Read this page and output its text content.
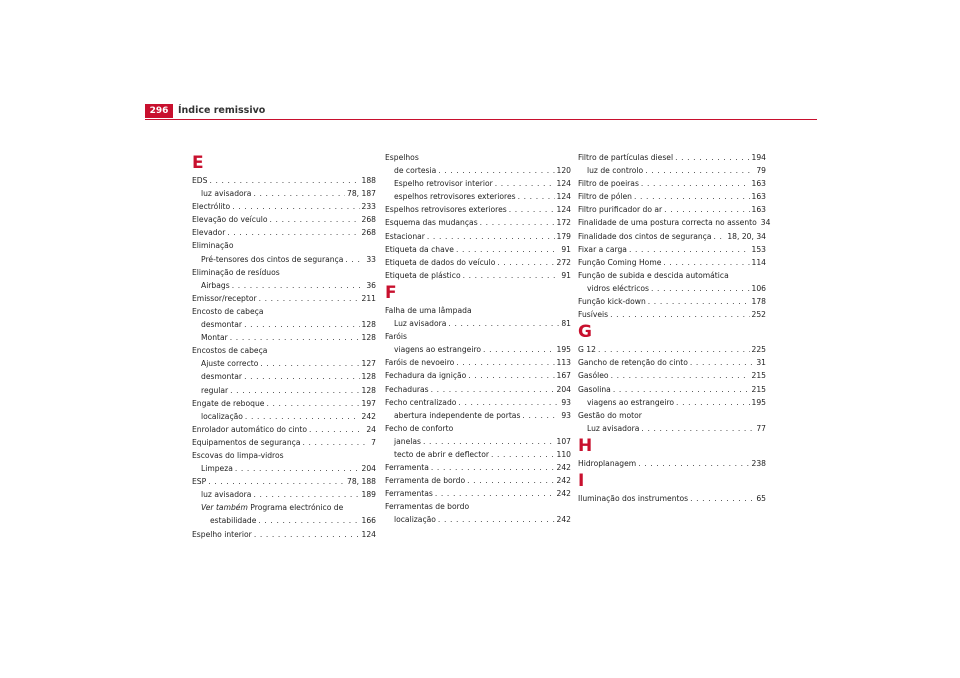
296	Índice remissivo
E
EDS . . .	188
luz avisadora . . .	78, 187
Electrólito . . .	233
Elevação do veículo . . .	268
Elevador . . .	268
Eliminação
Pré-tensores dos cintos de segurança . . .	33
Eliminação de resíduos
Airbags . . .	36
Emissor/receptor . . .	211
Encosto de cabeça
desmontar . . .	128
Montar . . .	128
Encostos de cabeça
Ajuste correcto . . .	127
desmontar . . .	128
regular . . .	128
Engate de reboque . . .	197
localização . . .	242
Enrolador automático do cinto . . .	24
Equipamentos de segurança . . .	7
Escovas do limpa-vidros
Limpeza . . .	204
ESP . . .	78, 188
luz avisadora . . .	189
Ver também Programa electrónico de
estabilidade . . .	166
Espelho interior . . .	124
Espelhos
de cortesia . . .	120
Espelho retrovisor interior . . .	124
espelhos retrovisores exteriores . . .	124
Espelhos retrovisores exteriores . . .	124
Esquema das mudanças . . .	172
Estacionar . . .	179
Etiqueta da chave . . .	91
Etiqueta de dados do veículo . . .	272
Etiqueta de plástico . . .	91
F
Falha de uma lâmpada
Luz avisadora . . .	81
Faróis
viagens ao estrangeiro . . .	195
Faróis de nevoeiro . . .	113
Fechadura da ignição . . .	167
Fechaduras . . .	204
Fecho centralizado . . .	93
abertura independente de portas . . .	93
Fecho de conforto
janelas . . .	107
tecto de abrir e deflector . . .	110
Ferramenta . . .	242
Ferramenta de bordo . . .	242
Ferramentas . . .	242
Ferramentas de bordo
localização . . .	242
Filtro de partículas diesel . . .	194
luz de controlo . . .	79
Filtro de poeiras . . .	163
Filtro de pólen . . .	163
Filtro purificador do ar . . .	163
Finalidade de uma postura correcta no assento 34
Finalidade dos cintos de segurança . . . 18, 20, 34
Fixar a carga . . .	153
Função Coming Home . . .	114
Função de subida e descida automática
vidros eléctricos . . .	106
Função kick-down . . .	178
Fusíveis . . .	252
G
G 12 . . .	225
Gancho de retenção do cinto . . .	31
Gasóleo . . .	215
Gasolina . . .	215
viagens ao estrangeiro . . .	195
Gestão do motor
Luz avisadora . . .	77
H
Hidroplanagem . . .	238
I
Iluminação dos instrumentos . . .	65
